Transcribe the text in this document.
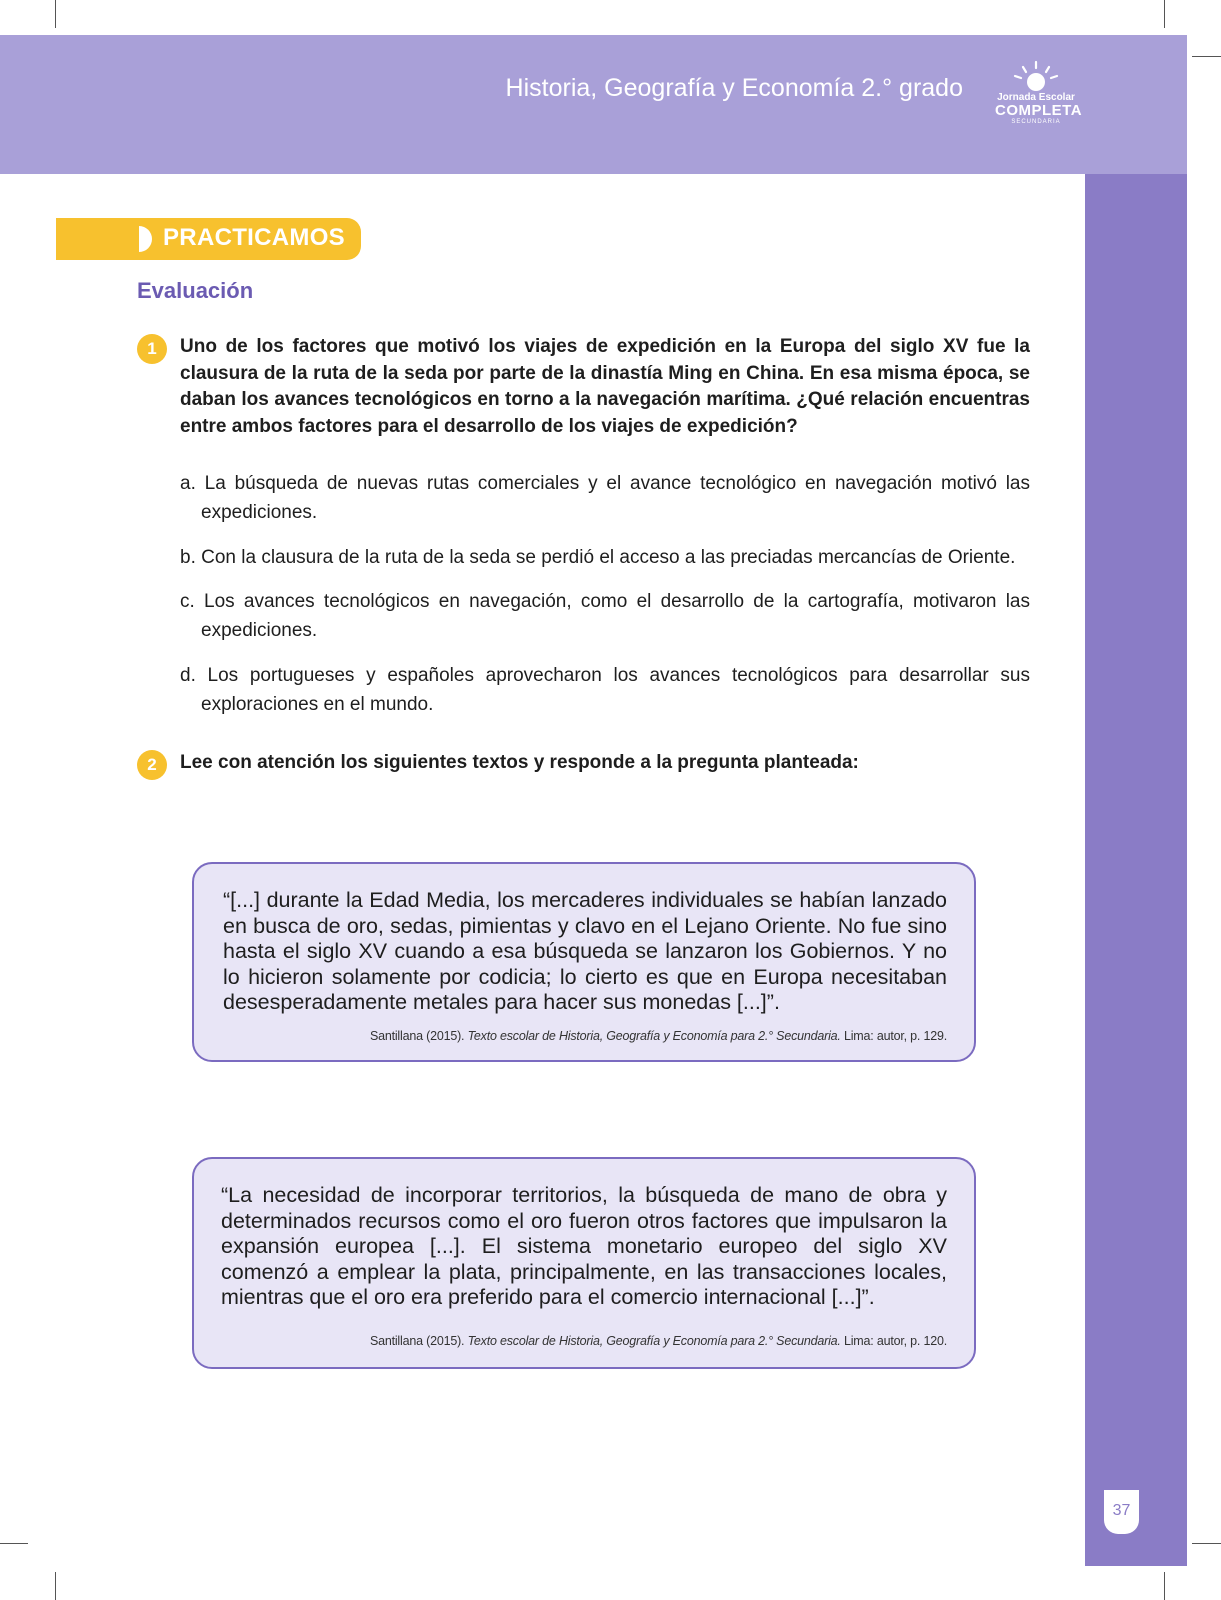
Historia, Geografía y Economía 2.° grado	Jornada Escolar
COMPLETA
SECUNDARIA
37
PRACTICAMOS
Evaluación
1	Uno de los factores que motivó los viajes de expedición en la Europa del siglo XV fue la clausura de la ruta de la seda por parte de la dinastía Ming en China. En esa misma época, se daban los avances tecnológicos en torno a la navegación marítima. ¿Qué relación encuentras entre ambos factores para el desarrollo de los viajes de expedición?
a. La búsqueda de nuevas rutas comerciales y el avance tecnológico en navegación motivó las expediciones.
b. Con la clausura de la ruta de la seda se perdió el acceso a las preciadas mercancías de Oriente.
c. Los avances tecnológicos en navegación, como el desarrollo de la cartografía, motivaron las expediciones.
d. Los portugueses y españoles aprovecharon los avances tecnológicos para desarrollar sus exploraciones en el mundo.
2	Lee con atención los siguientes textos y responde a la pregunta planteada:
“[...] durante la Edad Media, los mercaderes individuales se habían lanzado en busca de oro, sedas, pimientas y clavo en el Lejano Oriente. No fue sino hasta el siglo XV cuando a esa búsqueda se lanzaron los Gobiernos. Y no lo hicieron solamente por codicia; lo cierto es que en Europa necesitaban desesperadamente metales para hacer sus monedas [...]”.
Santillana (2015). Texto escolar de Historia, Geografía y Economía para 2.° Secundaria. Lima: autor, p. 129.
“La necesidad de incorporar territorios, la búsqueda de mano de obra y determinados recursos como el oro fueron otros factores que impulsaron la expansión europea [...]. El sistema monetario europeo del siglo XV comenzó a emplear la plata, principalmente, en las transacciones locales, mientras que el oro era preferido para el comercio internacional [...]”.
Santillana (2015). Texto escolar de Historia, Geografía y Economía para 2.° Secundaria. Lima: autor, p. 120.
